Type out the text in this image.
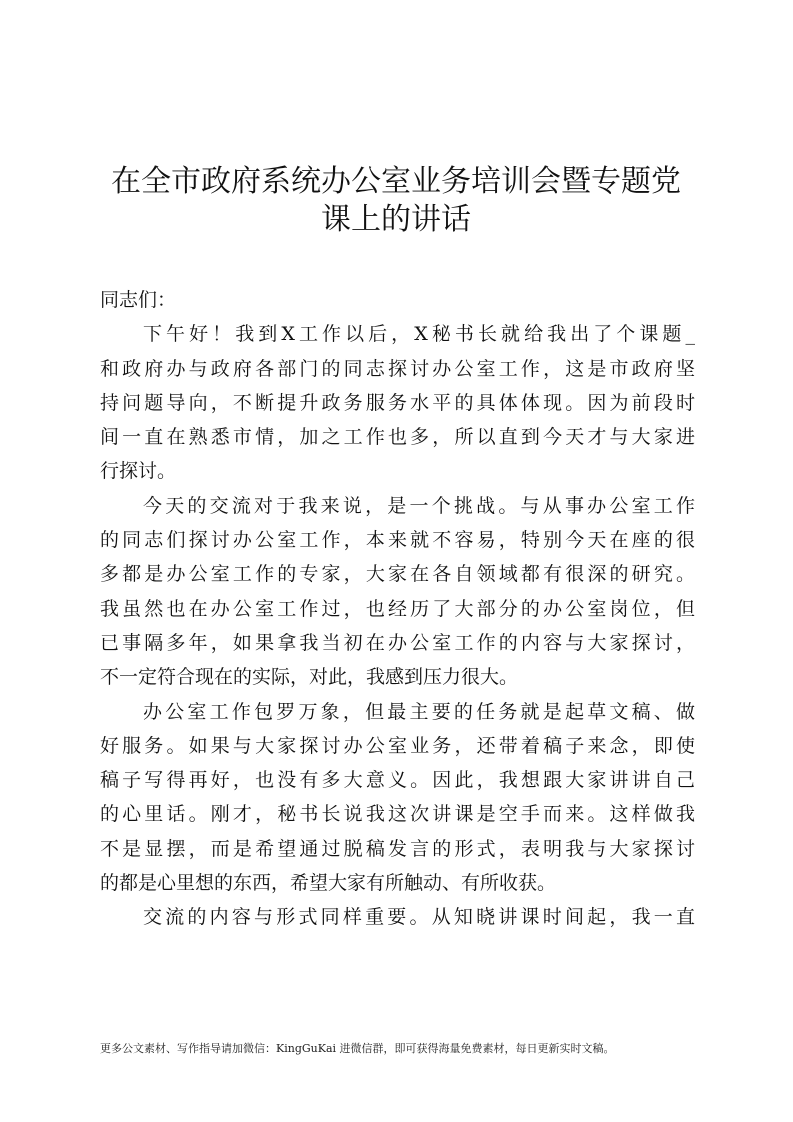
在全市政府系统办公室业务培训会暨专题党
课上的讲话

同志们：

下午好！我到X工作以后，X秘书长就给我出了个课题_
和政府办与政府各部门的同志探讨办公室工作，这是市政府坚
持问题导向，不断提升政务服务水平的具体体现。因为前段时
间一直在熟悉市情，加之工作也多，所以直到今天才与大家进
行探讨。

今天的交流对于我来说，是一个挑战。与从事办公室工作
的同志们探讨办公室工作，本来就不容易，特别今天在座的很
多都是办公室工作的专家，大家在各自领域都有很深的研究。
我虽然也在办公室工作过，也经历了大部分的办公室岗位，但
已事隔多年，如果拿我当初在办公室工作的内容与大家探讨，
不一定符合现在的实际，对此，我感到压力很大。

办公室工作包罗万象，但最主要的任务就是起草文稿、做
好服务。如果与大家探讨办公室业务，还带着稿子来念，即使
稿子写得再好，也没有多大意义。因此，我想跟大家讲讲自己
的心里话。刚才，秘书长说我这次讲课是空手而来。这样做我
不是显摆，而是希望通过脱稿发言的形式，表明我与大家探讨
的都是心里想的东西，希望大家有所触动、有所收获。

交流的内容与形式同样重要。从知晓讲课时间起，我一直

更多公文素材、写作指导请加微信：KingGuKai 进微信群，即可获得海量免费素材，每日更新实时文稿。
